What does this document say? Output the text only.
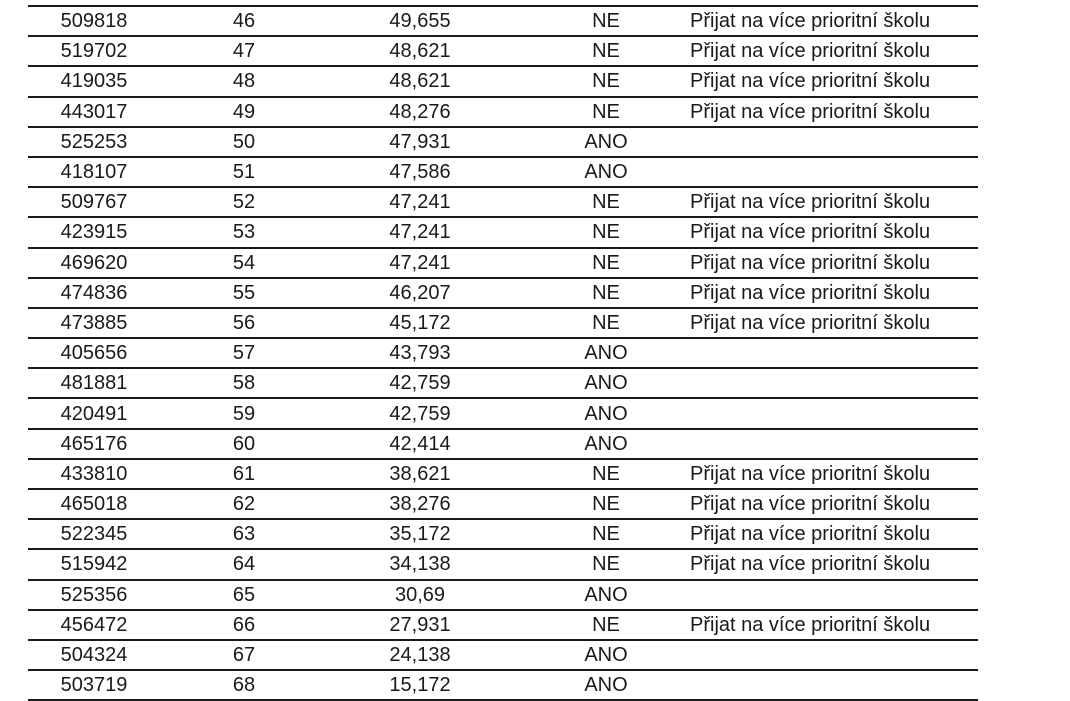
509818	46	49,655	NE	Přijat na více prioritní školu
519702	47	48,621	NE	Přijat na více prioritní školu
419035	48	48,621	NE	Přijat na více prioritní školu
443017	49	48,276	NE	Přijat na více prioritní školu
525253	50	47,931	ANO
418107	51	47,586	ANO
509767	52	47,241	NE	Přijat na více prioritní školu
423915	53	47,241	NE	Přijat na více prioritní školu
469620	54	47,241	NE	Přijat na více prioritní školu
474836	55	46,207	NE	Přijat na více prioritní školu
473885	56	45,172	NE	Přijat na více prioritní školu
405656	57	43,793	ANO
481881	58	42,759	ANO
420491	59	42,759	ANO
465176	60	42,414	ANO
433810	61	38,621	NE	Přijat na více prioritní školu
465018	62	38,276	NE	Přijat na více prioritní školu
522345	63	35,172	NE	Přijat na více prioritní školu
515942	64	34,138	NE	Přijat na více prioritní školu
525356	65	30,69	ANO
456472	66	27,931	NE	Přijat na více prioritní školu
504324	67	24,138	ANO
503719	68	15,172	ANO
